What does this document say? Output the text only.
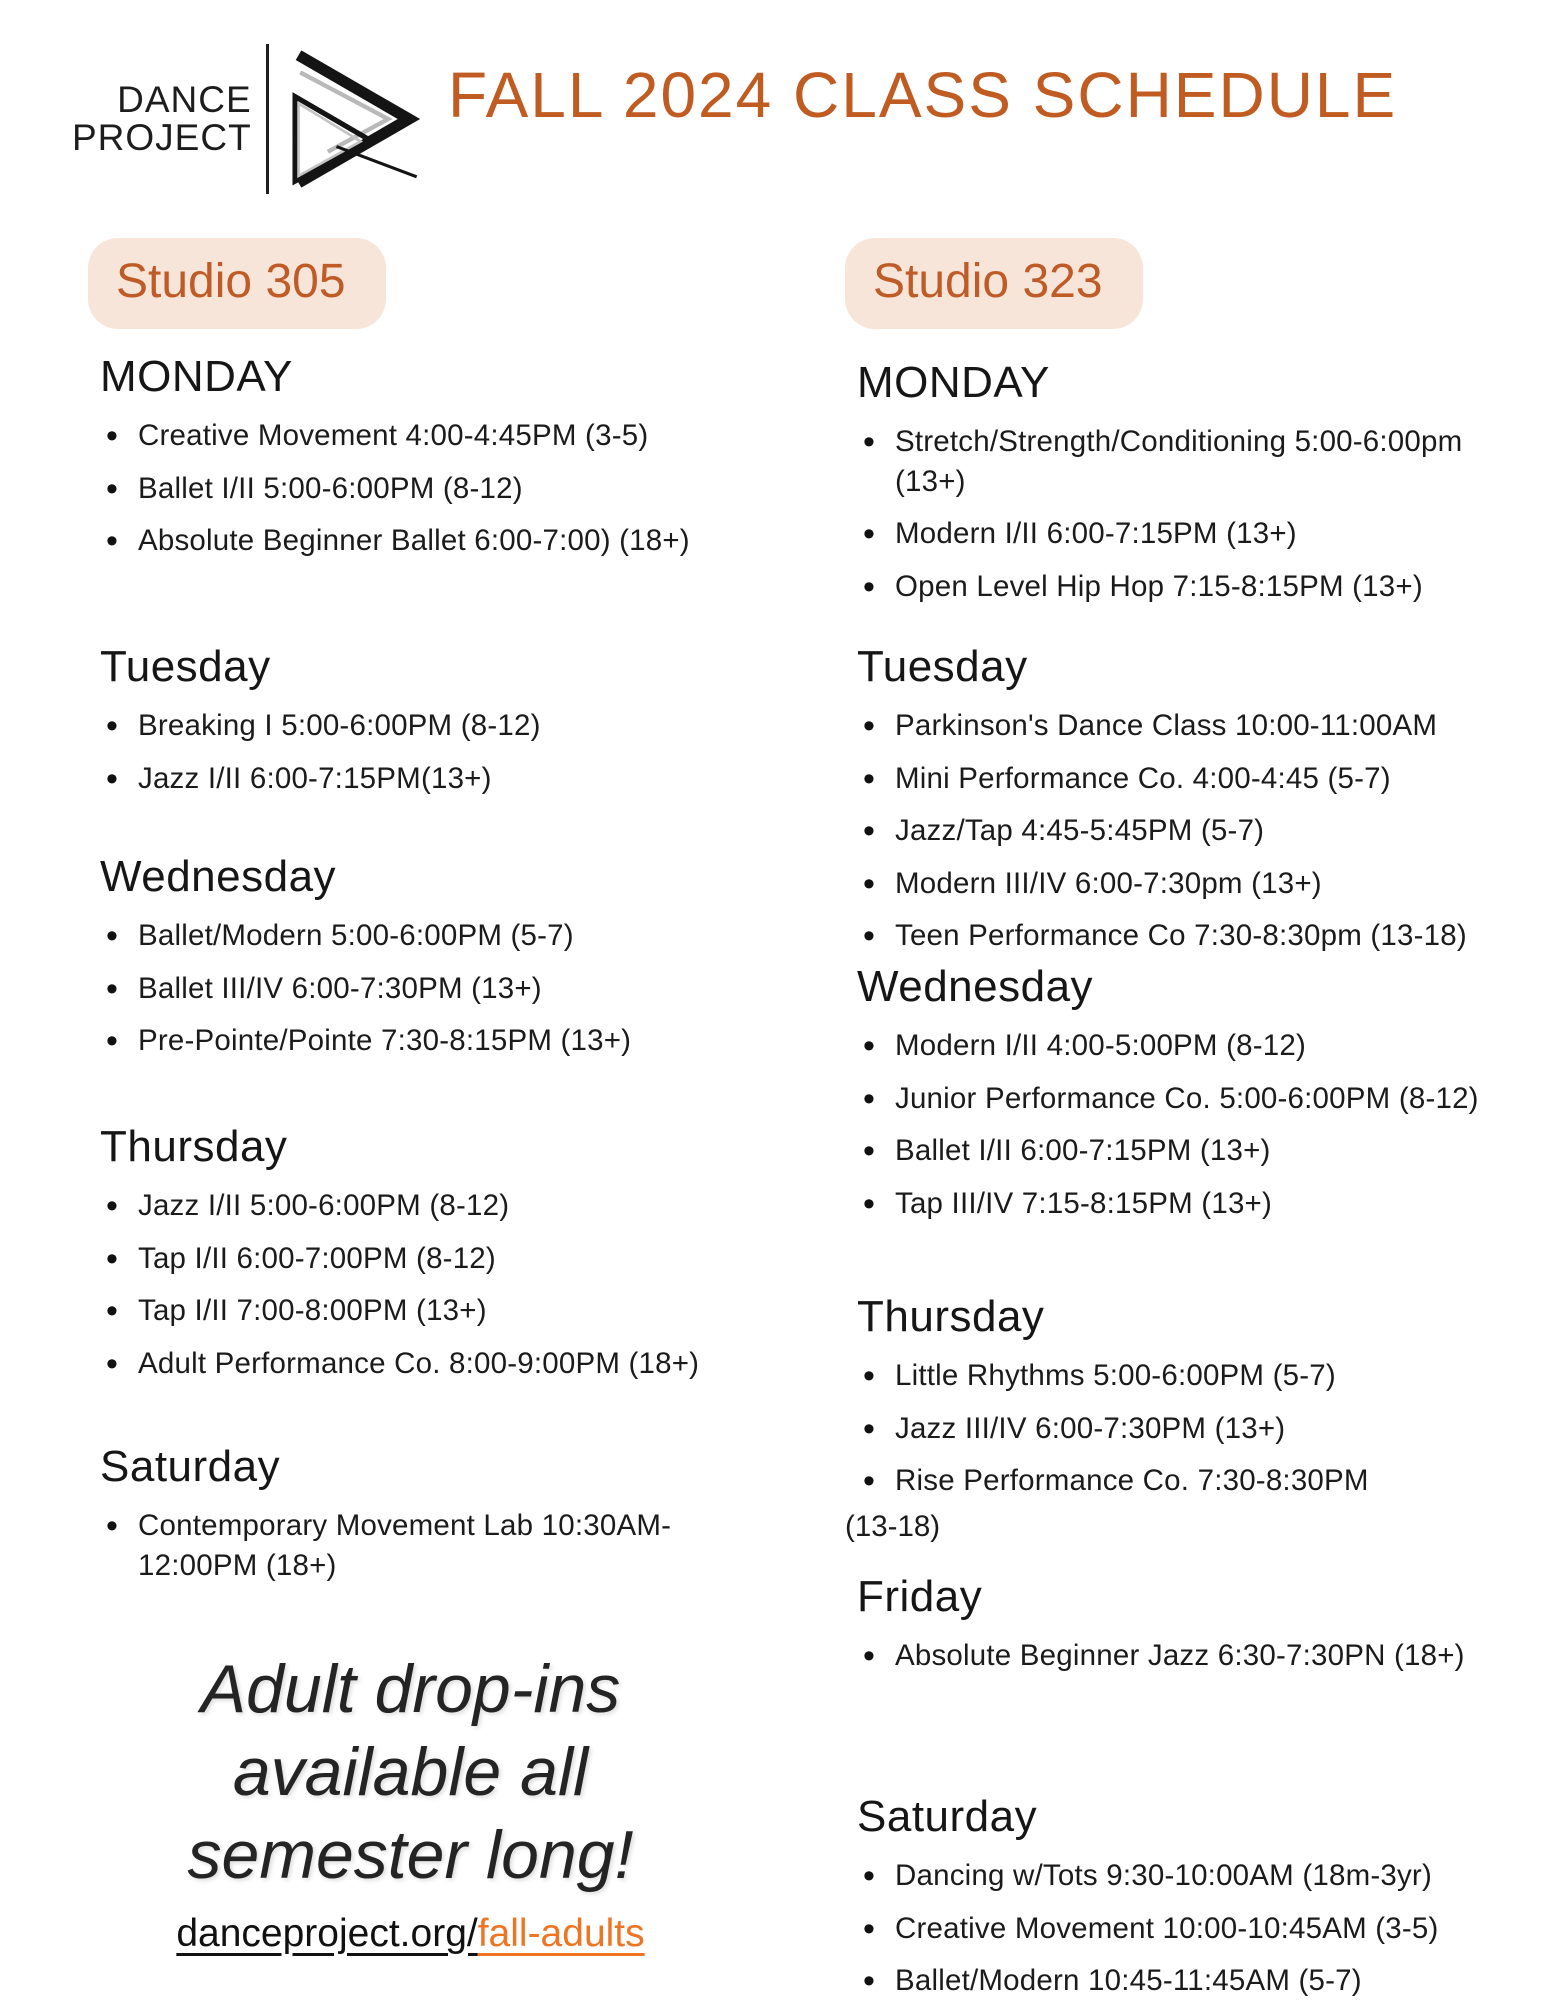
DANCE
PROJECT
FALL 2024 CLASS SCHEDULE
Studio 305
MONDAY
• Creative Movement 4:00-4:45PM (3-5)
• Ballet I/II 5:00-6:00PM (8-12)
• Absolute Beginner Ballet 6:00-7:00) (18+)
Tuesday
• Breaking I 5:00-6:00PM (8-12)
• Jazz I/II 6:00-7:15PM(13+)
Wednesday
• Ballet/Modern 5:00-6:00PM (5-7)
• Ballet III/IV 6:00-7:30PM (13+)
• Pre-Pointe/Pointe 7:30-8:15PM (13+)
Thursday
• Jazz I/II 5:00-6:00PM (8-12)
• Tap I/II 6:00-7:00PM (8-12)
• Tap I/II 7:00-8:00PM (13+)
• Adult Performance Co. 8:00-9:00PM (18+)
Saturday
• Contemporary Movement Lab 10:30AM-12:00PM (18+)
Adult drop-ins
available all
semester long!
danceproject.org/fall-adults
Studio 323
MONDAY
• Stretch/Strength/Conditioning 5:00-6:00pm (13+)
• Modern I/II 6:00-7:15PM (13+)
• Open Level Hip Hop 7:15-8:15PM (13+)
Tuesday
• Parkinson's Dance Class 10:00-11:00AM
• Mini Performance Co. 4:00-4:45 (5-7)
• Jazz/Tap 4:45-5:45PM (5-7)
• Modern III/IV 6:00-7:30pm (13+)
• Teen Performance Co 7:30-8:30pm (13-18)
Wednesday
• Modern I/II 4:00-5:00PM (8-12)
• Junior Performance Co. 5:00-6:00PM (8-12)
• Ballet I/II 6:00-7:15PM (13+)
• Tap III/IV 7:15-8:15PM (13+)
Thursday
• Little Rhythms 5:00-6:00PM (5-7)
• Jazz III/IV 6:00-7:30PM (13+)
• Rise Performance Co. 7:30-8:30PM
(13-18)
Friday
• Absolute Beginner Jazz 6:30-7:30PN (18+)
Saturday
• Dancing w/Tots 9:30-10:00AM (18m-3yr)
• Creative Movement 10:00-10:45AM (3-5)
• Ballet/Modern 10:45-11:45AM (5-7)
